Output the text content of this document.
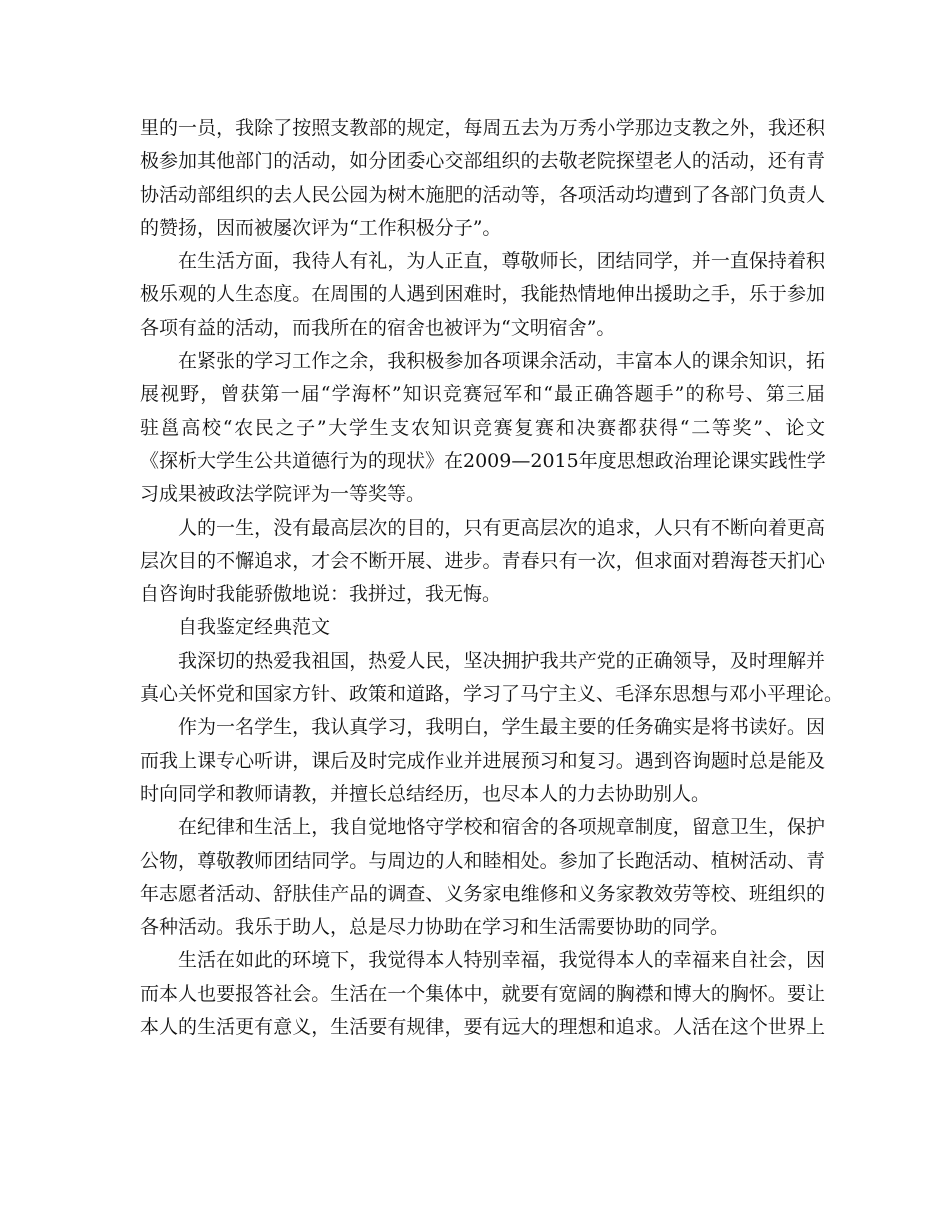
里的一员，我除了按照支教部的规定，每周五去为万秀小学那边支教之外，我还积
极参加其他部门的活动，如分团委心交部组织的去敬老院探望老人的活动，还有青
协活动部组织的去人民公园为树木施肥的活动等，各项活动均遭到了各部门负责人
的赞扬，因而被屡次评为“工作积极分子”。
在生活方面，我待人有礼，为人正直，尊敬师长，团结同学，并一直保持着积
极乐观的人生态度。在周围的人遇到困难时，我能热情地伸出援助之手，乐于参加
各项有益的活动，而我所在的宿舍也被评为“文明宿舍”。
在紧张的学习工作之余，我积极参加各项课余活动，丰富本人的课余知识，拓
展视野，曾获第一届“学海杯”知识竞赛冠军和“最正确答题手”的称号、第三届
驻邕高校“农民之子”大学生支农知识竞赛复赛和决赛都获得“二等奖”、论文
《探析大学生公共道德行为的现状》在2009—2015年度思想政治理论课实践性学
习成果被政法学院评为一等奖等。
人的一生，没有最高层次的目的，只有更高层次的追求，人只有不断向着更高
层次目的不懈追求，才会不断开展、进步。青春只有一次，但求面对碧海苍天扪心
自咨询时我能骄傲地说：我拼过，我无悔。
自我鉴定经典范文
我深切的热爱我祖国，热爱人民，坚决拥护我共产党的正确领导，及时理解并
真心关怀党和国家方针、政策和道路，学习了马宁主义、毛泽东思想与邓小平理论。
作为一名学生，我认真学习，我明白，学生最主要的任务确实是将书读好。因
而我上课专心听讲，课后及时完成作业并进展预习和复习。遇到咨询题时总是能及
时向同学和教师请教，并擅长总结经历，也尽本人的力去协助别人。
在纪律和生活上，我自觉地恪守学校和宿舍的各项规章制度，留意卫生，保护
公物，尊敬教师团结同学。与周边的人和睦相处。参加了长跑活动、植树活动、青
年志愿者活动、舒肤佳产品的调查、义务家电维修和义务家教效劳等校、班组织的
各种活动。我乐于助人，总是尽力协助在学习和生活需要协助的同学。
生活在如此的环境下，我觉得本人特别幸福，我觉得本人的幸福来自社会，因
而本人也要报答社会。生活在一个集体中，就要有宽阔的胸襟和博大的胸怀。要让
本人的生活更有意义，生活要有规律，要有远大的理想和追求。人活在这个世界上
